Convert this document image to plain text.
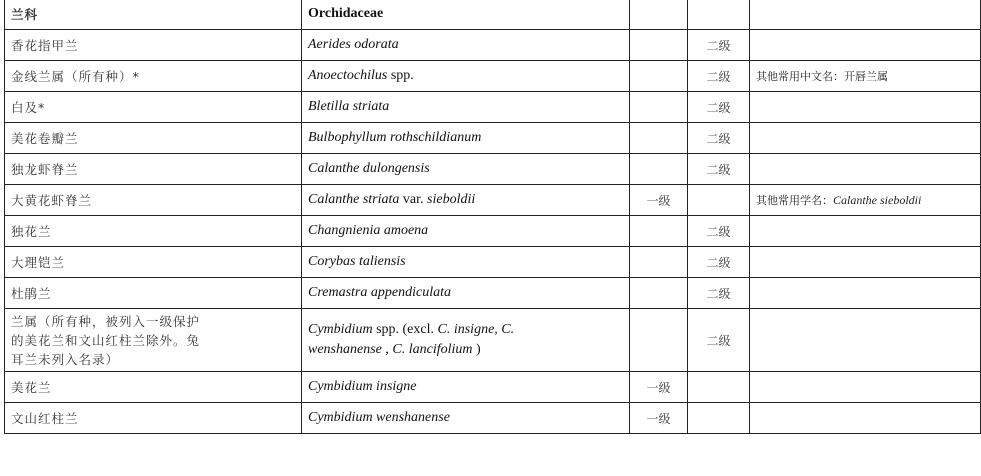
兰科	Orchidaceae			
香花指甲兰	Aerides odorata		二级	
金线兰属（所有种）*	Anoectochilus spp.		二级	其他常用中文名：开唇兰属
白及*	Bletilla striata		二级	
美花卷瓣兰	Bulbophyllum rothschildianum		二级	
独龙虾脊兰	Calanthe dulongensis		二级	
大黄花虾脊兰	Calanthe striata var. sieboldii	一级		其他常用学名：Calanthe sieboldii
独花兰	Changnienia amoena		二级	
大理铠兰	Corybas taliensis		二级	
杜鹃兰	Cremastra appendiculata		二级	
兰属（所有种，被列入一级保护
的美花兰和文山红柱兰除外。兔
耳兰未列入名录）	Cymbidium spp. (excl. C. insigne, C.
wenshanense , C. lancifolium )		二级	
美花兰	Cymbidium insigne	一级		
文山红柱兰	Cymbidium wenshanense	一级		
